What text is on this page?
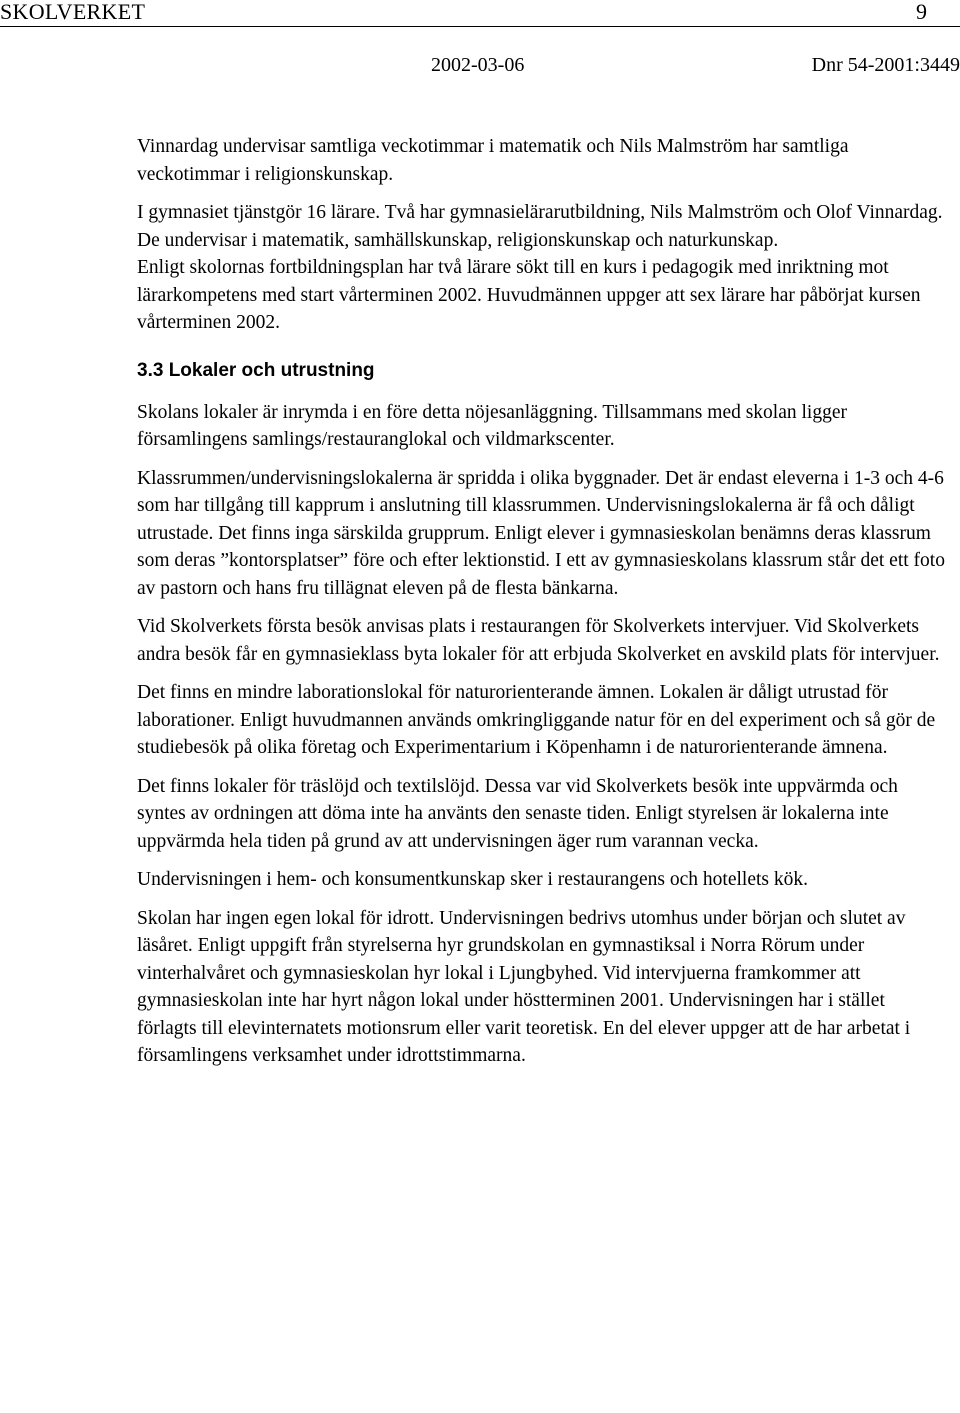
SKOLVERKET	9
2002-03-06	Dnr 54-2001:3449

Vinnardag undervisar samtliga veckotimmar i matematik och Nils Malmström har samtliga veckotimmar i religionskunskap.

I gymnasiet tjänstgör 16 lärare. Två har gymnasielärarutbildning, Nils Malmström och Olof Vinnardag. De undervisar i matematik, samhällskunskap, religionskunskap och naturkunskap.

Enligt skolornas fortbildningsplan har två lärare sökt till en kurs i pedagogik med inriktning mot lärarkompetens med start vårterminen 2002. Huvudmännen uppger att sex lärare har påbörjat kursen vårterminen 2002.

3.3 Lokaler och utrustning

Skolans lokaler är inrymda i en före detta nöjesanläggning. Tillsammans med skolan ligger församlingens samlings/restauranglokal och vildmarkscenter.

Klassrummen/undervisningslokalerna är spridda i olika byggnader. Det är endast eleverna i 1-3 och 4-6 som har tillgång till kapprum i anslutning till klassrummen. Undervisningslokalerna är få och dåligt utrustade. Det finns inga särskilda grupprum. Enligt elever i gymnasieskolan benämns deras klassrum som deras ”kontorsplatser” före och efter lektionstid. I ett av gymnasieskolans klassrum står det ett foto av pastorn och hans fru tillägnat eleven på de flesta bänkarna.

Vid Skolverkets första besök anvisas plats i restaurangen för Skolverkets intervjuer. Vid Skolverkets andra besök får en gymnasieklass byta lokaler för att erbjuda Skolverket en avskild plats för intervjuer.

Det finns en mindre laborationslokal för naturorienterande ämnen. Lokalen är dåligt utrustad för laborationer. Enligt huvudmannen används omkringliggande natur för en del experiment och så gör de studiebesök på olika företag och Experimentarium i Köpenhamn i de naturorienterande ämnena.

Det finns lokaler för träslöjd och textilslöjd. Dessa var vid Skolverkets besök inte uppvärmda och syntes av ordningen att döma inte ha använts den senaste tiden. Enligt styrelsen är lokalerna inte uppvärmda hela tiden på grund av att undervisningen äger rum varannan vecka.

Undervisningen i hem- och konsumentkunskap sker i restaurangens och hotellets kök.

Skolan har ingen egen lokal för idrott. Undervisningen bedrivs utomhus under början och slutet av läsåret. Enligt uppgift från styrelserna hyr grundskolan en gymnastiksal i Norra Rörum under vinterhalvåret och gymnasieskolan hyr lokal i Ljungbyhed. Vid intervjuerna framkommer att gymnasieskolan inte har hyrt någon lokal under höstterminen 2001. Undervisningen har i stället förlagts till elevinternatets motionsrum eller varit teoretisk. En del elever uppger att de har arbetat i församlingens verksamhet under idrottstimmarna.
